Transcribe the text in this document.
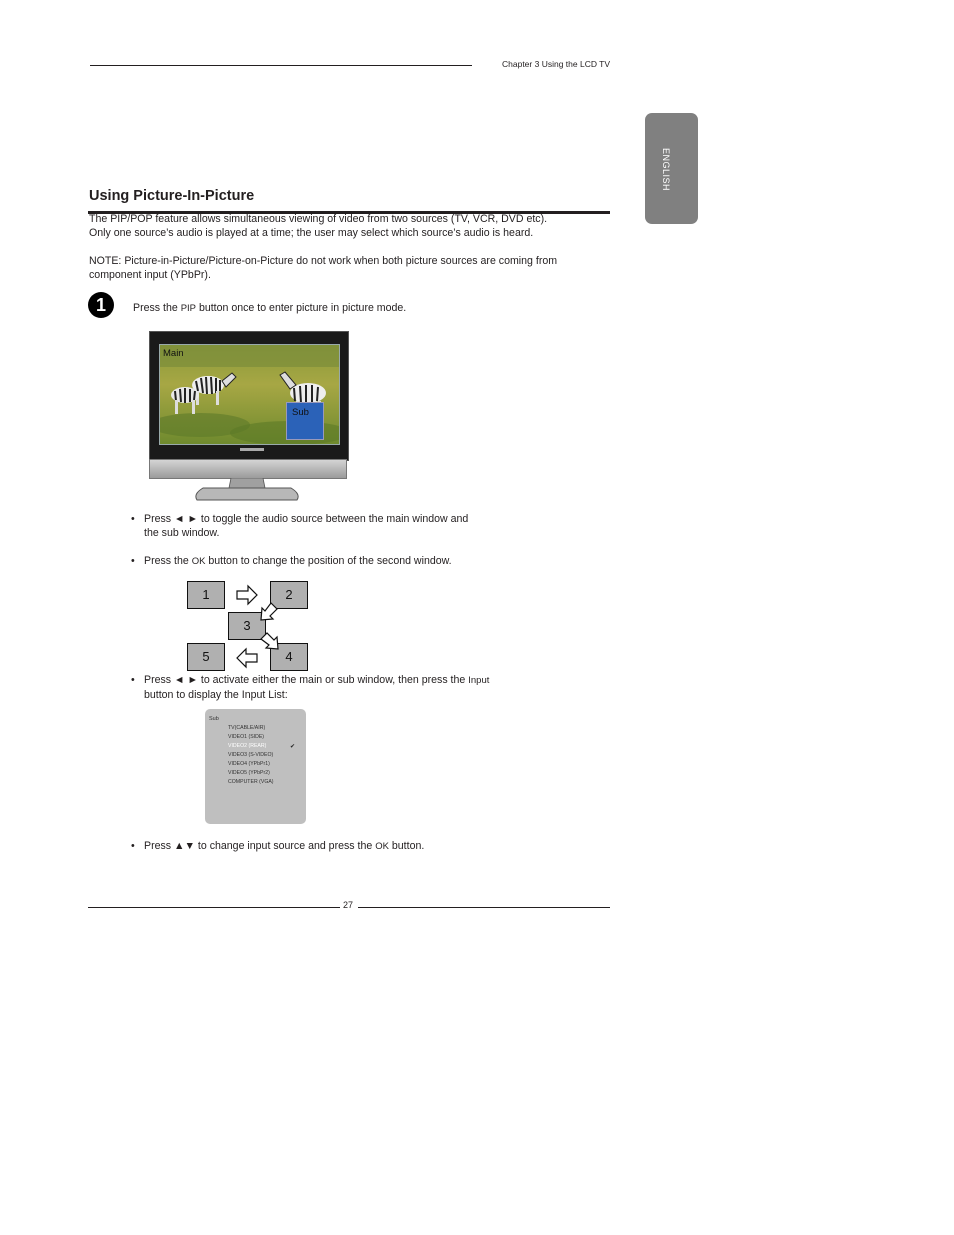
Chapter 3 Using the LCD TV
ENGLISH
Using Picture-In-Picture
The PIP/POP feature allows simultaneous viewing of video from two sources (TV, VCR, DVD etc).
Only one source’s audio is played at a time; the user may select which source’s audio is heard.
NOTE: Picture-in-Picture/Picture-on-Picture do not work when both picture sources are coming from
component input (YPbPr).
1	Press the PIP button once to enter picture in picture mode.
Main
Sub
• Press ◄ ► to toggle the audio source between the main window and
the sub window.
• Press the OK button to change the position of the second window.
1	2
3
4
5
• Press ◄ ► to activate either the main or sub window, then press the Input
button to display the Input List:
Sub
TV(CABLE/AIR)
VIDEO1 (SIDE)
VIDEO2 (REAR)	✔
VIDEO3 (S-VIDEO)
VIDEO4 (YPbPr1)
VIDEO5 (YPbPr2)
COMPUTER (VGA)
• Press ▲▼ to change input source and press the OK button.
27
